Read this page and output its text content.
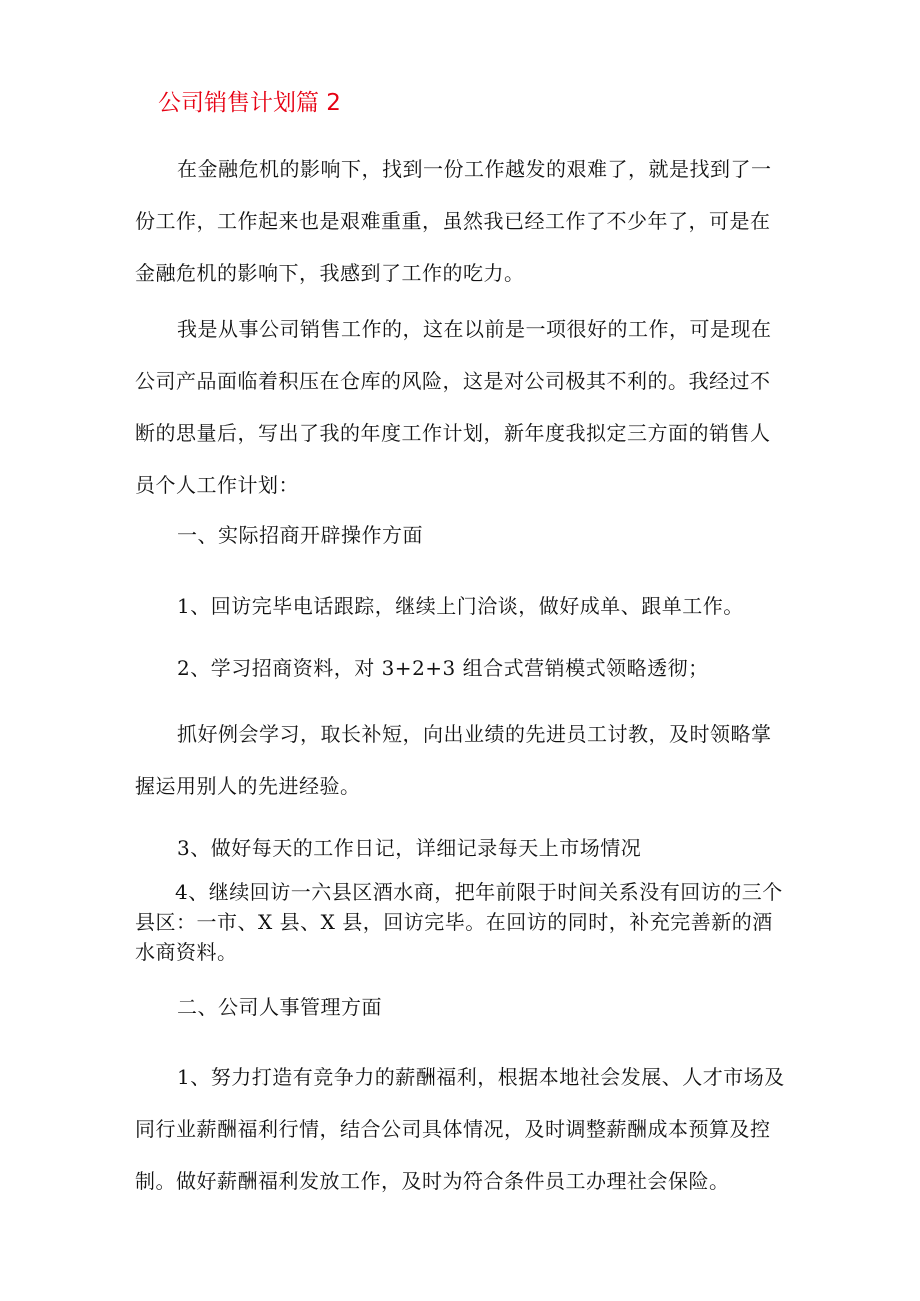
公司销售计划篇 2

在金融危机的影响下，找到一份工作越发的艰难了，就是找到了一份工作，工作起来也是艰难重重，虽然我已经工作了不少年了，可是在金融危机的影响下，我感到了工作的吃力。

我是从事公司销售工作的，这在以前是一项很好的工作，可是现在公司产品面临着积压在仓库的风险，这是对公司极其不利的。我经过不断的思量后，写出了我的年度工作计划，新年度我拟定三方面的销售人员个人工作计划：

一、实际招商开辟操作方面

1、回访完毕电话跟踪，继续上门洽谈，做好成单、跟单工作。

2、学习招商资料，对 3+2+3 组合式营销模式领略透彻；

抓好例会学习，取长补短，向出业绩的先进员工讨教，及时领略掌握运用别人的先进经验。

3、做好每天的工作日记，详细记录每天上市场情况

4、继续回访一六县区酒水商，把年前限于时间关系没有回访的三个县区：一市、X 县、X 县，回访完毕。在回访的同时，补充完善新的酒水商资料。

二、公司人事管理方面

1、努力打造有竞争力的薪酬福利，根据本地社会发展、人才市场及同行业薪酬福利行情，结合公司具体情况，及时调整薪酬成本预算及控制。做好薪酬福利发放工作，及时为符合条件员工办理社会保险。
